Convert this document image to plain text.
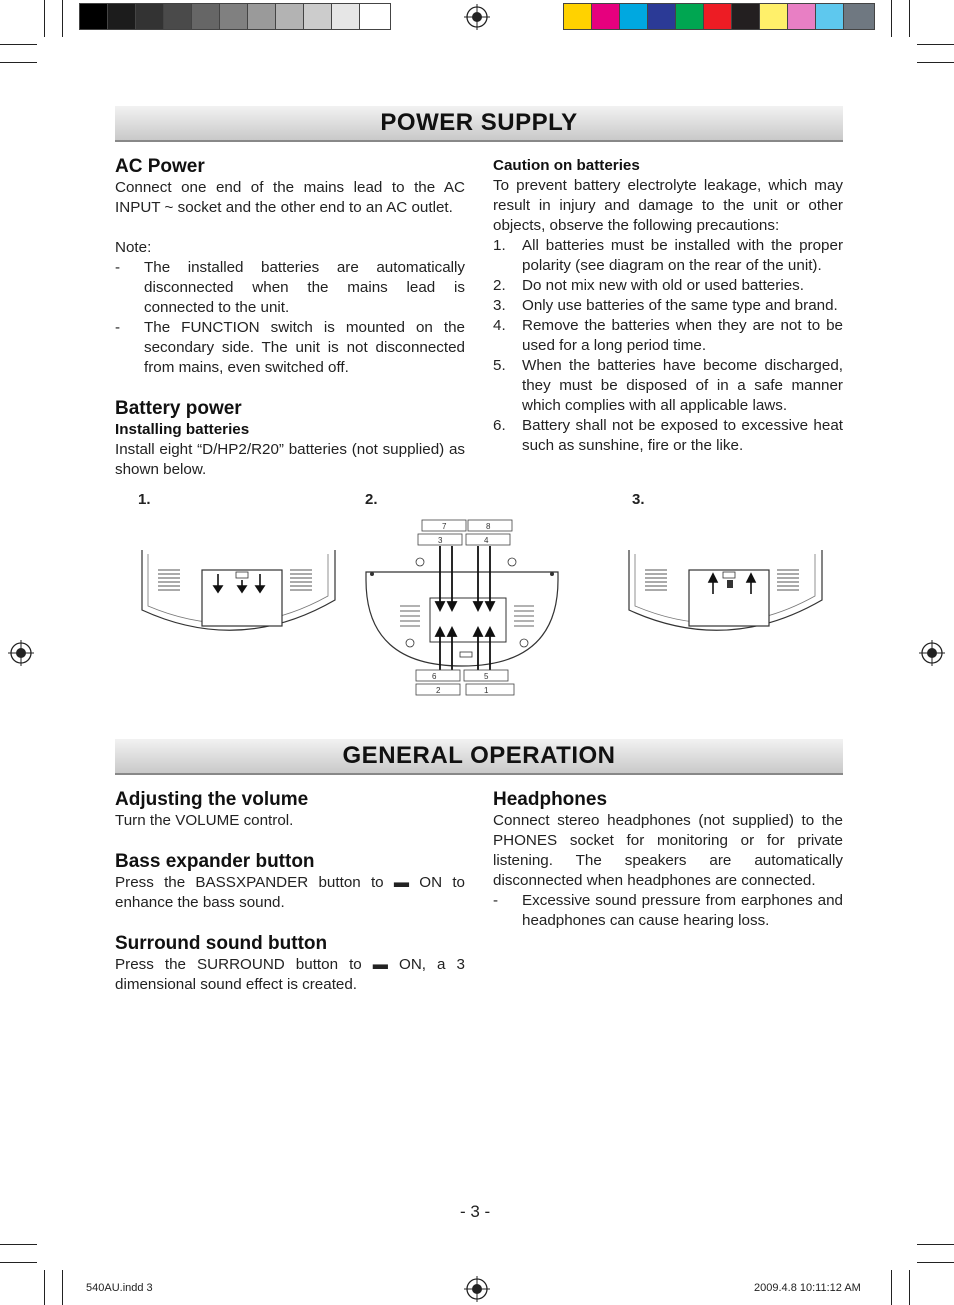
POWER SUPPLY
AC Power

Connect one end of the mains lead to the AC INPUT ~ socket and the other end to an AC outlet.

Note:

-	The installed batteries are automatically disconnected when the mains lead is connected to the unit.
-	The FUNCTION switch is mounted on the secondary side. The unit is not disconnected from mains, even switched off.
Battery power
Installing batteries

Install eight “D/HP2/R20” batteries (not supplied) as shown below.

Caution on batteries

To prevent battery electrolyte leakage, which may result in injury and damage to the unit or other objects, observe the following precautions:

1.	All batteries must be installed with the proper polarity (see diagram on the rear of the unit).
2.	Do not mix new with old or used batteries.
3.	Only use batteries of the same type and brand.
4.	Remove the batteries when they are not to be used for a long period time.
5.	When the batteries have become discharged, they must be disposed of in a safe manner which complies with all applicable laws.
6.	Battery shall not be exposed to excessive heat such as sunshine, fire or the like.
1.	2.	3.
7	8
3	4
6	5
2	1
GENERAL OPERATION
Adjusting the volume

Turn the VOLUME control.

Bass expander button

Press the BASSXPANDER button to ▬ ON to enhance the bass sound.

Surround sound button

Press the SURROUND button to ▬ ON, a 3 dimensional sound effect is created.

Headphones

Connect stereo headphones (not supplied) to the PHONES socket for monitoring or for private listening. The speakers are automatically disconnected when headphones are connected.

-	Excessive sound pressure from earphones and headphones can cause hearing loss.
- 3 -
540AU.indd 3	2009.4.8 10:11:12 AM
